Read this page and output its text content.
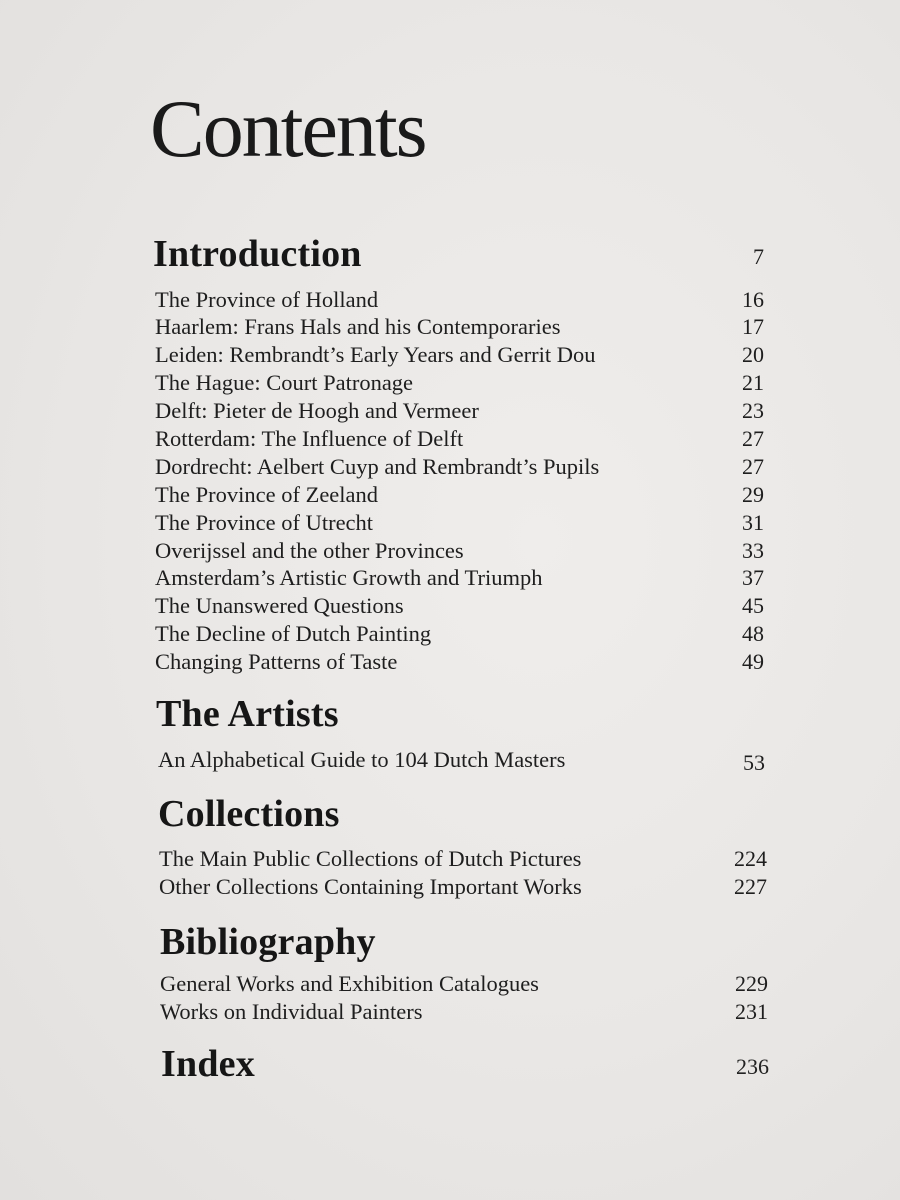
Contents
Introduction	7
The Province of Holland	16
Haarlem: Frans Hals and his Contemporaries	17
Leiden: Rembrandt’s Early Years and Gerrit Dou	20
The Hague: Court Patronage	21
Delft: Pieter de Hoogh and Vermeer	23
Rotterdam: The Influence of Delft	27
Dordrecht: Aelbert Cuyp and Rembrandt’s Pupils	27
The Province of Zeeland	29
The Province of Utrecht	31
Overijssel and the other Provinces	33
Amsterdam’s Artistic Growth and Triumph	37
The Unanswered Questions	45
The Decline of Dutch Painting	48
Changing Patterns of Taste	49
The Artists
An Alphabetical Guide to 104 Dutch Masters	53
Collections
The Main Public Collections of Dutch Pictures	224
Other Collections Containing Important Works	227
Bibliography
General Works and Exhibition Catalogues	229
Works on Individual Painters	231
Index	236
